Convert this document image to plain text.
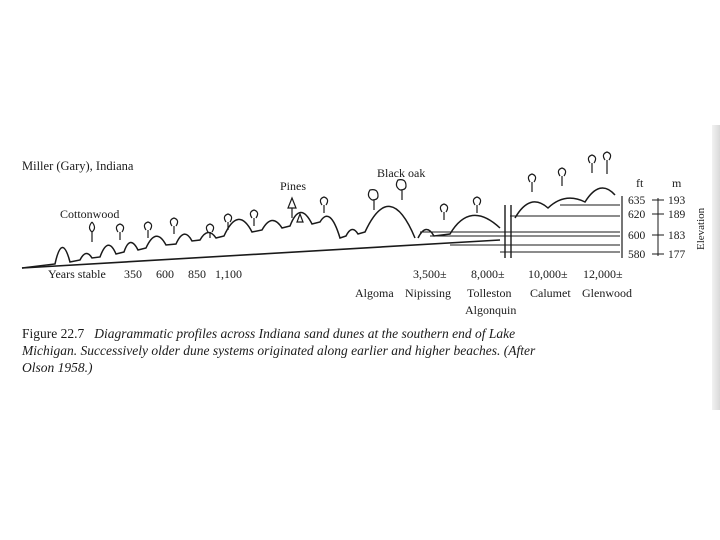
Miller (Gary), Indiana
Cottonwood
Pines
Black oak
Years stable 350 600 850 1,100	3,500± 8,000± 10,000± 12,000±
Algoma Nipissing Tolleston
Algonquin
Calumet Glenwood
ft m
635
620
600
580
193
189
183
177
Elevation
Figure 22.7 Diagrammatic profiles across Indiana sand dunes at the southern end of Lake Michigan. Successively older dune systems originated along earlier and higher beaches. (After Olson 1958.)
